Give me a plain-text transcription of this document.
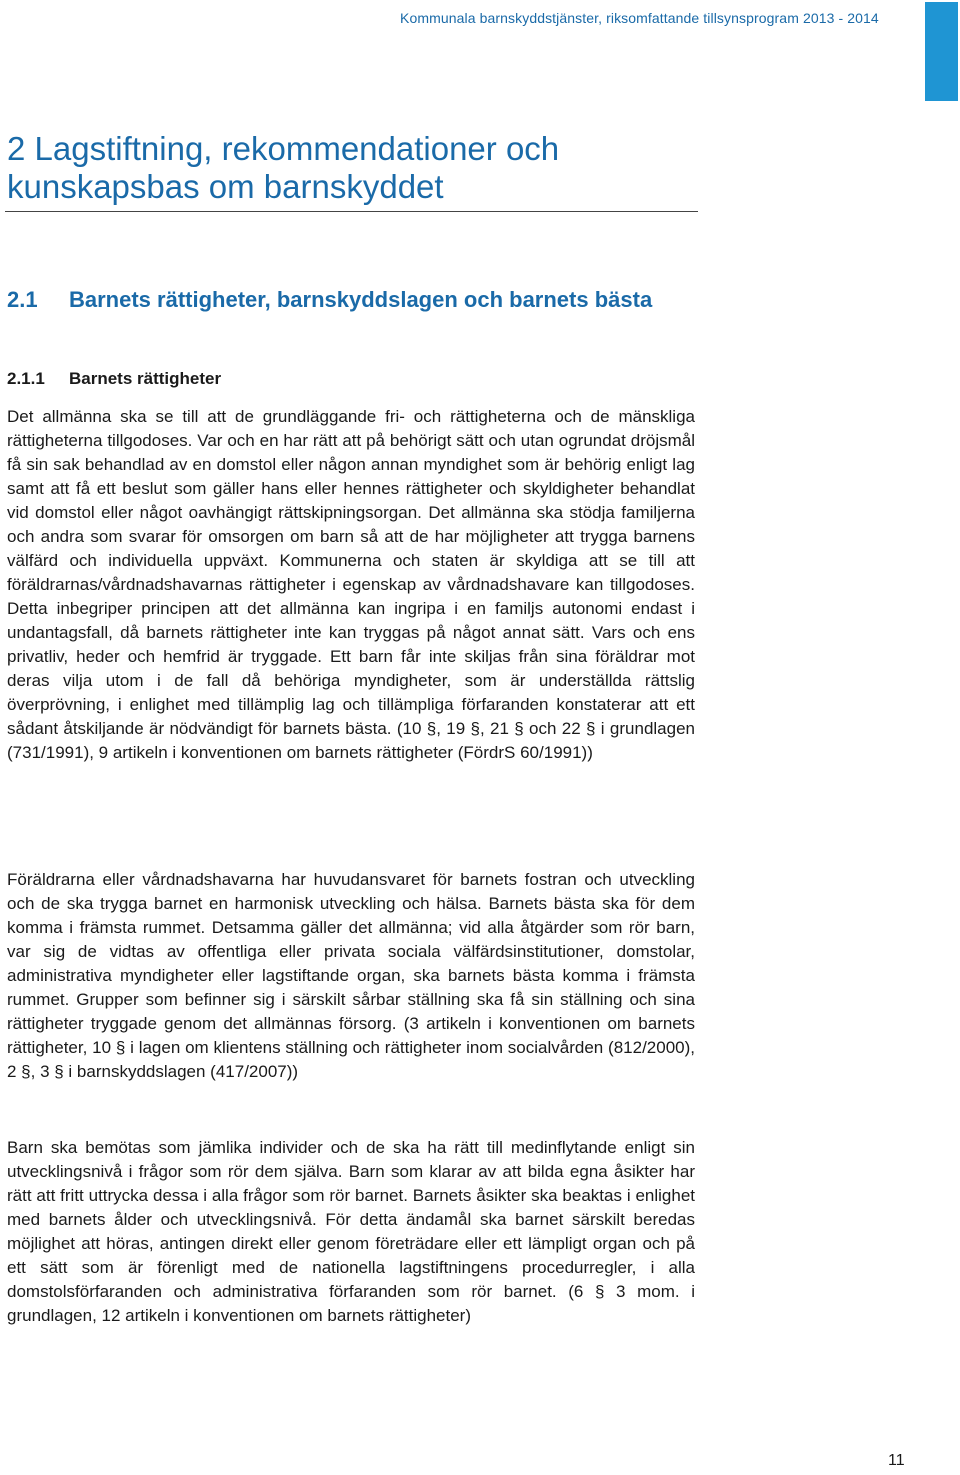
Kommunala barnskyddstjänster, riksomfattande tillsynsprogram 2013 - 2014
2 Lagstiftning, rekommendationer och kunskapsbas om barnskyddet
2.1 Barnets rättigheter, barnskyddslagen och barnets bästa
2.1.1 Barnets rättigheter

Det allmänna ska se till att de grundläggande fri- och rättigheterna och de mänskliga rättigheterna tillgodoses. Var och en har rätt att på behörigt sätt och utan ogrundat dröjsmål få sin sak behandlad av en domstol eller någon annan myndighet som är behörig enligt lag samt att få ett beslut som gäller hans eller hennes rättigheter och skyldigheter behandlat vid domstol eller något oavhängigt rättskipningsorgan. Det allmänna ska stödja familjerna och andra som svarar för omsorgen om barn så att de har möjligheter att trygga barnens välfärd och individuella uppväxt. Kommunerna och staten är skyldiga att se till att föräldrarnas/vårdnadshavarnas rättigheter i egenskap av vårdnadshavare kan tillgodoses. Detta inbegriper principen att det allmänna kan ingripa i en familjs autonomi endast i undantagsfall, då barnets rättigheter inte kan tryggas på något annat sätt. Vars och ens privatliv, heder och hemfrid är tryggade. Ett barn får inte skiljas från sina föräldrar mot deras vilja utom i de fall då behöriga myndigheter, som är underställda rättslig överprövning, i enlighet med tillämplig lag och tillämpliga förfaranden konstaterar att ett sådant åtskiljande är nödvändigt för barnets bästa. (10 §, 19 §, 21 § och 22 § i grundlagen (731/1991), 9 artikeln i konventionen om barnets rättigheter (FördrS 60/1991))

Föräldrarna eller vårdnadshavarna har huvudansvaret för barnets fostran och utveckling och de ska trygga barnet en harmonisk utveckling och hälsa. Barnets bästa ska för dem komma i främsta rummet. Detsamma gäller det allmänna; vid alla åtgärder som rör barn, var sig de vidtas av offentliga eller privata sociala välfärdsinstitutioner, domstolar, administrativa myndigheter eller lagstiftande organ, ska barnets bästa komma i främsta rummet. Grupper som befinner sig i särskilt sårbar ställning ska få sin ställning och sina rättigheter tryggade genom det allmännas försorg. (3 artikeln i konventionen om barnets rättigheter, 10 § i lagen om klientens ställning och rättigheter inom socialvården (812/2000), 2 §, 3 § i barnskyddslagen (417/2007))

Barn ska bemötas som jämlika individer och de ska ha rätt till medinflytande enligt sin utvecklingsnivå i frågor som rör dem själva. Barn som klarar av att bilda egna åsikter har rätt att fritt uttrycka dessa i alla frågor som rör barnet. Barnets åsikter ska beaktas i enlighet med barnets ålder och utvecklingsnivå. För detta ändamål ska barnet särskilt beredas möjlighet att höras, antingen direkt eller genom företrädare eller ett lämpligt organ och på ett sätt som är förenligt med de nationella lagstiftningens procedurregler, i alla domstolsförfaranden och administrativa förfaranden som rör barnet. (6 § 3 mom. i grundlagen, 12 artikeln i konventionen om barnets rättigheter)

11
